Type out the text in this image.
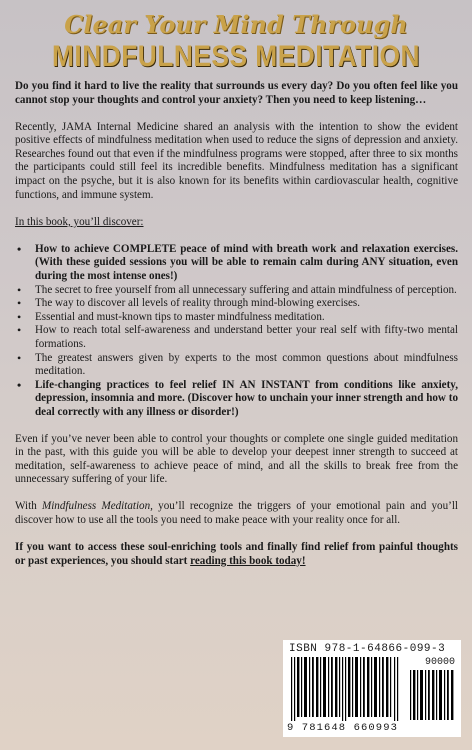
Clear Your Mind Through
MINDFULNESS MEDITATION

Do you find it hard to live the reality that surrounds us every day? Do you often feel like you cannot stop your thoughts and control your anxiety? Then you need to keep listening…

Recently, JAMA Internal Medicine shared an analysis with the intention to show the evident positive effects of mindfulness meditation when used to reduce the signs of depression and anxiety. Researches found out that even if the mindfulness programs were stopped, after three to six months the participants could still feel its incredible benefits. Mindfulness meditation has a significant impact on the psyche, but it is also known for its benefits within cardiovascular health, cognitive functions, and immune system.

In this book, you’ll discover:

• How to achieve COMPLETE peace of mind with breath work and relaxation exercises. (With these guided sessions you will be able to remain calm during ANY situation, even during the most intense ones!)
• The secret to free yourself from all unnecessary suffering and attain mindfulness of perception.
• The way to discover all levels of reality through mind-blowing exercises.
• Essential and must-known tips to master mindfulness meditation.
• How to reach total self-awareness and understand better your real self with fifty-two mental formations.
• The greatest answers given by experts to the most common questions about mindfulness meditation.
• Life-changing practices to feel relief IN AN INSTANT from conditions like anxiety, depression, insomnia and more. (Discover how to unchain your inner strength and how to deal correctly with any illness or disorder!)

Even if you’ve never been able to control your thoughts or complete one single guided meditation in the past, with this guide you will be able to develop your deepest inner strength to succeed at meditation, self-awareness to achieve peace of mind, and all the skills to break free from the unnecessary suffering of your life.

With Mindfulness Meditation, you’ll recognize the triggers of your emotional pain and you’ll discover how to use all the tools you need to make peace with your reality once for all.

If you want to access these soul-enriching tools and finally find relief from painful thoughts or past experiences, you should start reading this book today!

ISBN 978-1-64866-099-3
90000
9 781648 660993
